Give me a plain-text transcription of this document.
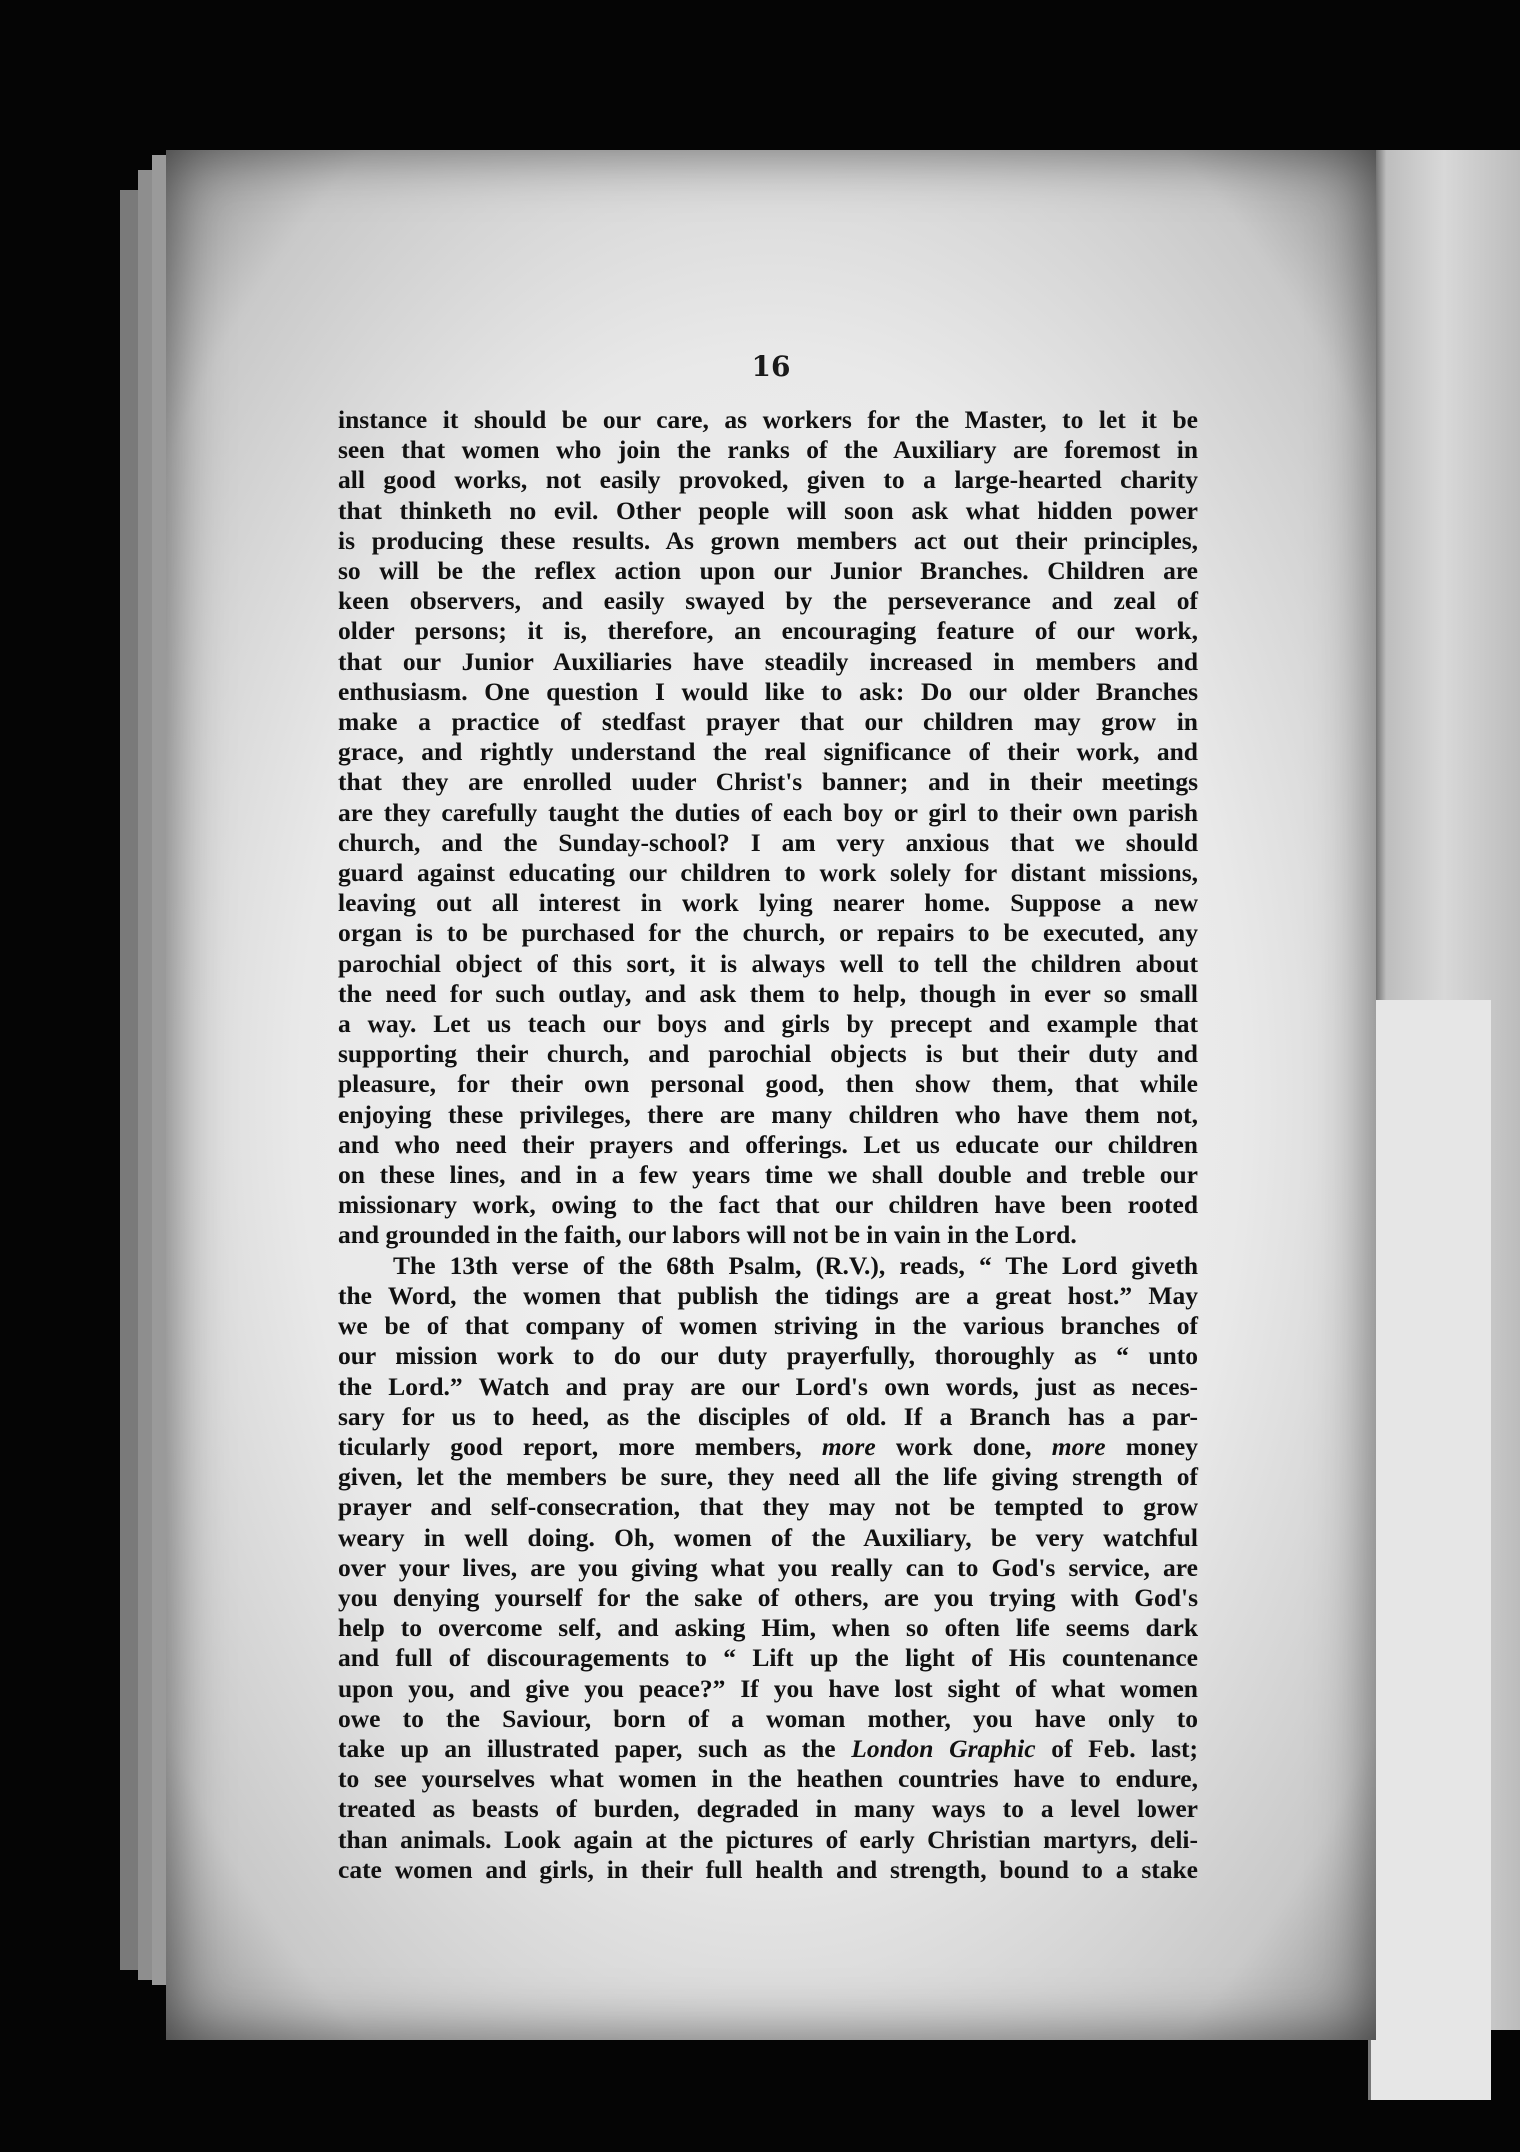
16
instance it should be our care, as workers for the Master, to let it be
seen that women who join the ranks of the Auxiliary are foremost in
all good works, not easily provoked, given to a large-hearted charity
that thinketh no evil. Other people will soon ask what hidden power
is producing these results. As grown members act out their principles,
so will be the reflex action upon our Junior Branches. Children are
keen observers, and easily swayed by the perseverance and zeal of
older persons; it is, therefore, an encouraging feature of our work,
that our Junior Auxiliaries have steadily increased in members and
enthusiasm. One question I would like to ask: Do our older Branches
make a practice of stedfast prayer that our children may grow in
grace, and rightly understand the real significance of their work, and
that they are enrolled uuder Christ's banner; and in their meetings
are they carefully taught the duties of each boy or girl to their own parish
church, and the Sunday-school? I am very anxious that we should
guard against educating our children to work solely for distant missions,
leaving out all interest in work lying nearer home. Suppose a new
organ is to be purchased for the church, or repairs to be executed, any
parochial object of this sort, it is always well to tell the children about
the need for such outlay, and ask them to help, though in ever so small
a way. Let us teach our boys and girls by precept and example that
supporting their church, and parochial objects is but their duty and
pleasure, for their own personal good, then show them, that while
enjoying these privileges, there are many children who have them not,
and who need their prayers and offerings. Let us educate our children
on these lines, and in a few years time we shall double and treble our
missionary work, owing to the fact that our children have been rooted
and grounded in the faith, our labors will not be in vain in the Lord.
The 13th verse of the 68th Psalm, (R.V.), reads, “ The Lord giveth
the Word, the women that publish the tidings are a great host.” May
we be of that company of women striving in the various branches of
our mission work to do our duty prayerfully, thoroughly as “ unto
the Lord.” Watch and pray are our Lord's own words, just as neces-
sary for us to heed, as the disciples of old. If a Branch has a par-
ticularly good report, more members, more work done, more money
given, let the members be sure, they need all the life giving strength of
prayer and self-consecration, that they may not be tempted to grow
weary in well doing. Oh, women of the Auxiliary, be very watchful
over your lives, are you giving what you really can to God's service, are
you denying yourself for the sake of others, are you trying with God's
help to overcome self, and asking Him, when so often life seems dark
and full of discouragements to “ Lift up the light of His countenance
upon you, and give you peace?” If you have lost sight of what women
owe to the Saviour, born of a woman mother, you have only to
take up an illustrated paper, such as the London Graphic of Feb. last;
to see yourselves what women in the heathen countries have to endure,
treated as beasts of burden, degraded in many ways to a level lower
than animals. Look again at the pictures of early Christian martyrs, deli-
cate women and girls, in their full health and strength, bound to a stake
